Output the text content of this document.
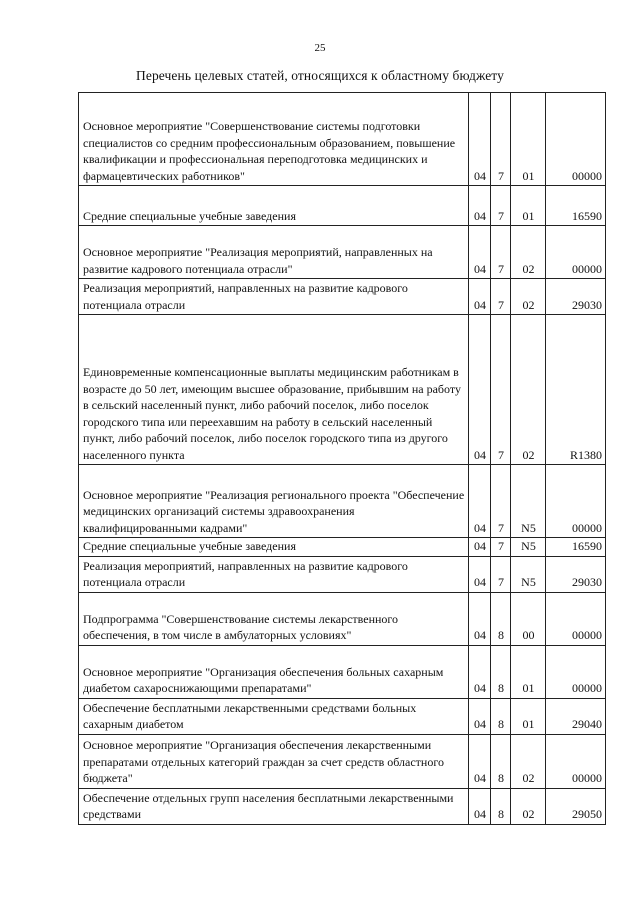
25
Перечень целевых статей, относящихся к областному бюджету
Основное мероприятие "Совершенствование системы подготовки специалистов со средним профессиональным образованием, повышение квалификации и профессиональная переподготовка медицинских и фармацевтических работников"	04	7	01	00000
Средние специальные учебные заведения	04	7	01	16590
Основное мероприятие "Реализация мероприятий, направленных на развитие кадрового потенциала отрасли"	04	7	02	00000
Реализация мероприятий, направленных на развитие кадрового потенциала отрасли	04	7	02	29030
Единовременные компенсационные выплаты медицинским работникам в возрасте до 50 лет, имеющим высшее образование, прибывшим на работу в сельский населенный пункт, либо рабочий поселок, либо поселок городского типа или переехавшим на работу в сельский населенный пункт, либо рабочий поселок, либо поселок городского типа из другого населенного пункта	04	7	02	R1380
Основное мероприятие "Реализация регионального проекта "Обеспечение медицинских организаций системы здравоохранения квалифицированными кадрами"	04	7	N5	00000
Средние специальные учебные заведения	04	7	N5	16590
Реализация мероприятий, направленных на развитие кадрового потенциала отрасли	04	7	N5	29030
Подпрограмма "Совершенствование системы лекарственного обеспечения, в том числе в амбулаторных условиях"	04	8	00	00000
Основное мероприятие "Организация обеспечения больных сахарным диабетом сахароснижающими препаратами"	04	8	01	00000
Обеспечение бесплатными лекарственными средствами больных сахарным диабетом	04	8	01	29040
Основное мероприятие "Организация обеспечения лекарственными препаратами отдельных категорий граждан за счет средств областного бюджета"	04	8	02	00000
Обеспечение отдельных групп населения бесплатными лекарственными средствами	04	8	02	29050
